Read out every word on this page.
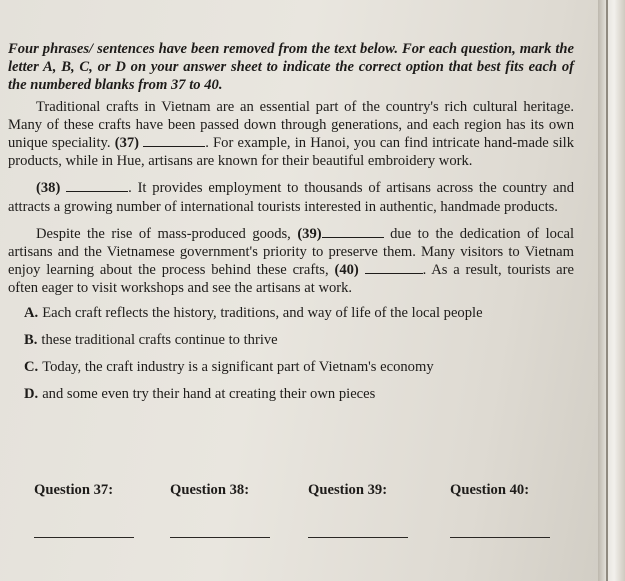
Four phrases/ sentences have been removed from the text below. For each question, mark the letter A, B, C, or D on your answer sheet to indicate the correct option that best fits each of the numbered blanks from 37 to 40.

Traditional crafts in Vietnam are an essential part of the country's rich cultural heritage. Many of these crafts have been passed down through generations, and each region has its own unique speciality. (37)	. For example, in Hanoi, you can find intricate hand-made silk products, while in Hue, artisans are known for their beautiful embroidery work.

(38)	. It provides employment to thousands of artisans across the country and attracts a growing number of international tourists interested in authentic, handmade products.

Despite the rise of mass-produced goods, (39)	due to the dedication of local artisans and the Vietnamese government's priority to preserve them. Many visitors to Vietnam enjoy learning about the process behind these crafts, (40)	. As a result, tourists are often eager to visit workshops and see the artisans at work.

A. Each craft reflects the history, traditions, and way of life of the local people
B. these traditional crafts continue to thrive
C. Today, the craft industry is a significant part of Vietnam's economy
D. and some even try their hand at creating their own pieces
Question 37:	Question 38:	Question 39:	Question 40:
